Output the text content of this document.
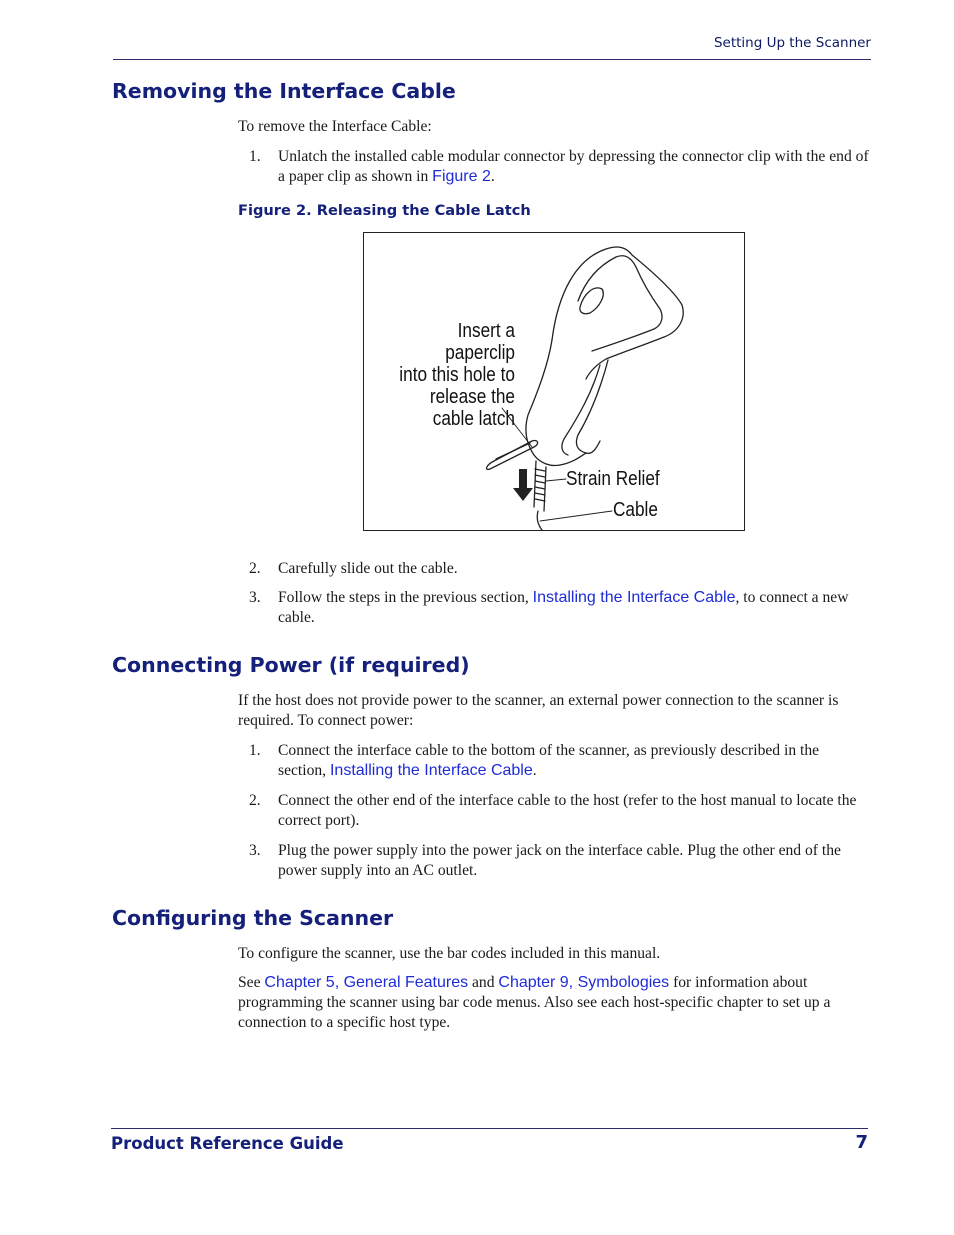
Setting Up the Scanner
Removing the Interface Cable

To remove the Interface Cable:

1. Unlatch the installed cable modular connector by depressing the connector clip with the end of a paper clip as shown in Figure 2.
Figure 2. Releasing the Cable Latch
Insert a paperclip
into this hole to
release the
cable latch
Strain Relief
Cable
2. Carefully slide out the cable.
3. Follow the steps in the previous section, Installing the Interface Cable, to connect a new cable.
Connecting Power (if required)

If the host does not provide power to the scanner, an external power connection to the scanner is required. To connect power:

1. Connect the interface cable to the bottom of the scanner, as previously described in the section, Installing the Interface Cable.
2. Connect the other end of the interface cable to the host (refer to the host manual to locate the correct port).
3. Plug the power supply into the power jack on the interface cable. Plug the other end of the power supply into an AC outlet.
Configuring the Scanner

To configure the scanner, use the bar codes included in this manual.

See Chapter 5, General Features and Chapter 9, Symbologies for information about programming the scanner using bar code menus. Also see each host-specific chapter to set up a connection to a specific host type.

Product Reference Guide	7
